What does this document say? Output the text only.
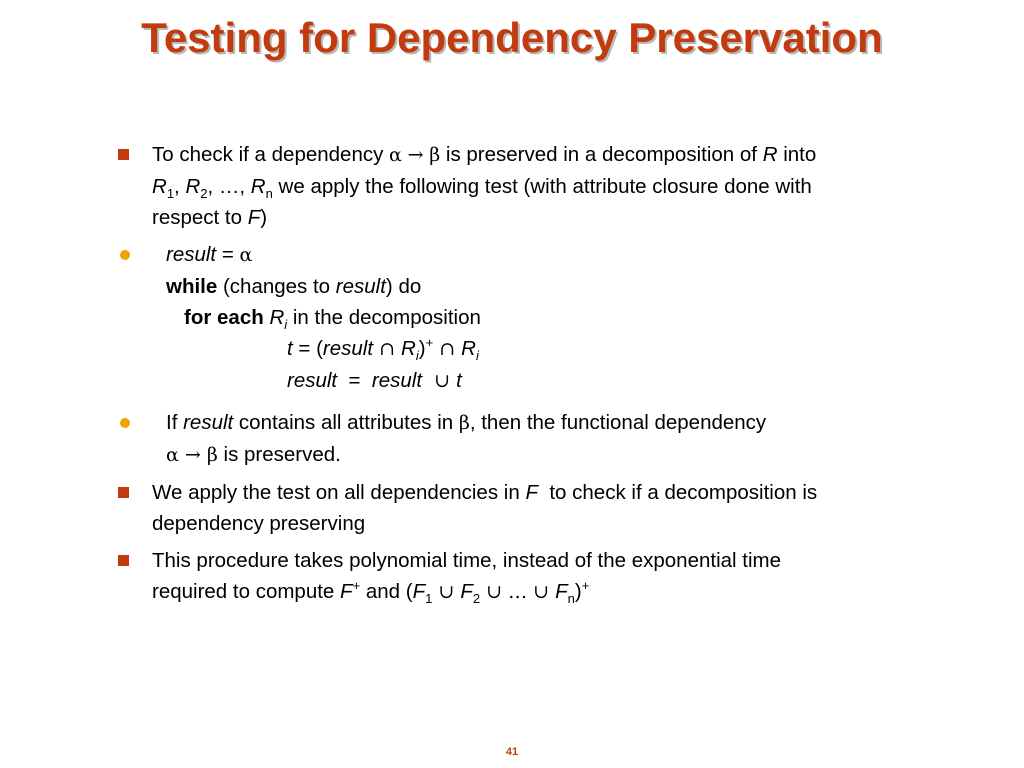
Testing for Dependency Preservation
To check if a dependency α → β is preserved in a decomposition of R into
$R_1$, $R_2$, …, $R_n$ we apply the following test (with attribute closure done with
respect to F)
result = α
while (changes to result) do
for each $R_i$ in the decomposition
t = (result ∩ $R_i)^+$ ∩ $R_i$
result  =  result  ∪ t
If result contains all attributes in β, then the functional dependency
α → β is preserved.
We apply the test on all dependencies in F  to check if a decomposition is
dependency preserving
This procedure takes polynomial time, instead of the exponential time
required to compute F+ and ($F_1$ ∪ $F_2$ ∪ … ∪ $F_n)^+$
41
